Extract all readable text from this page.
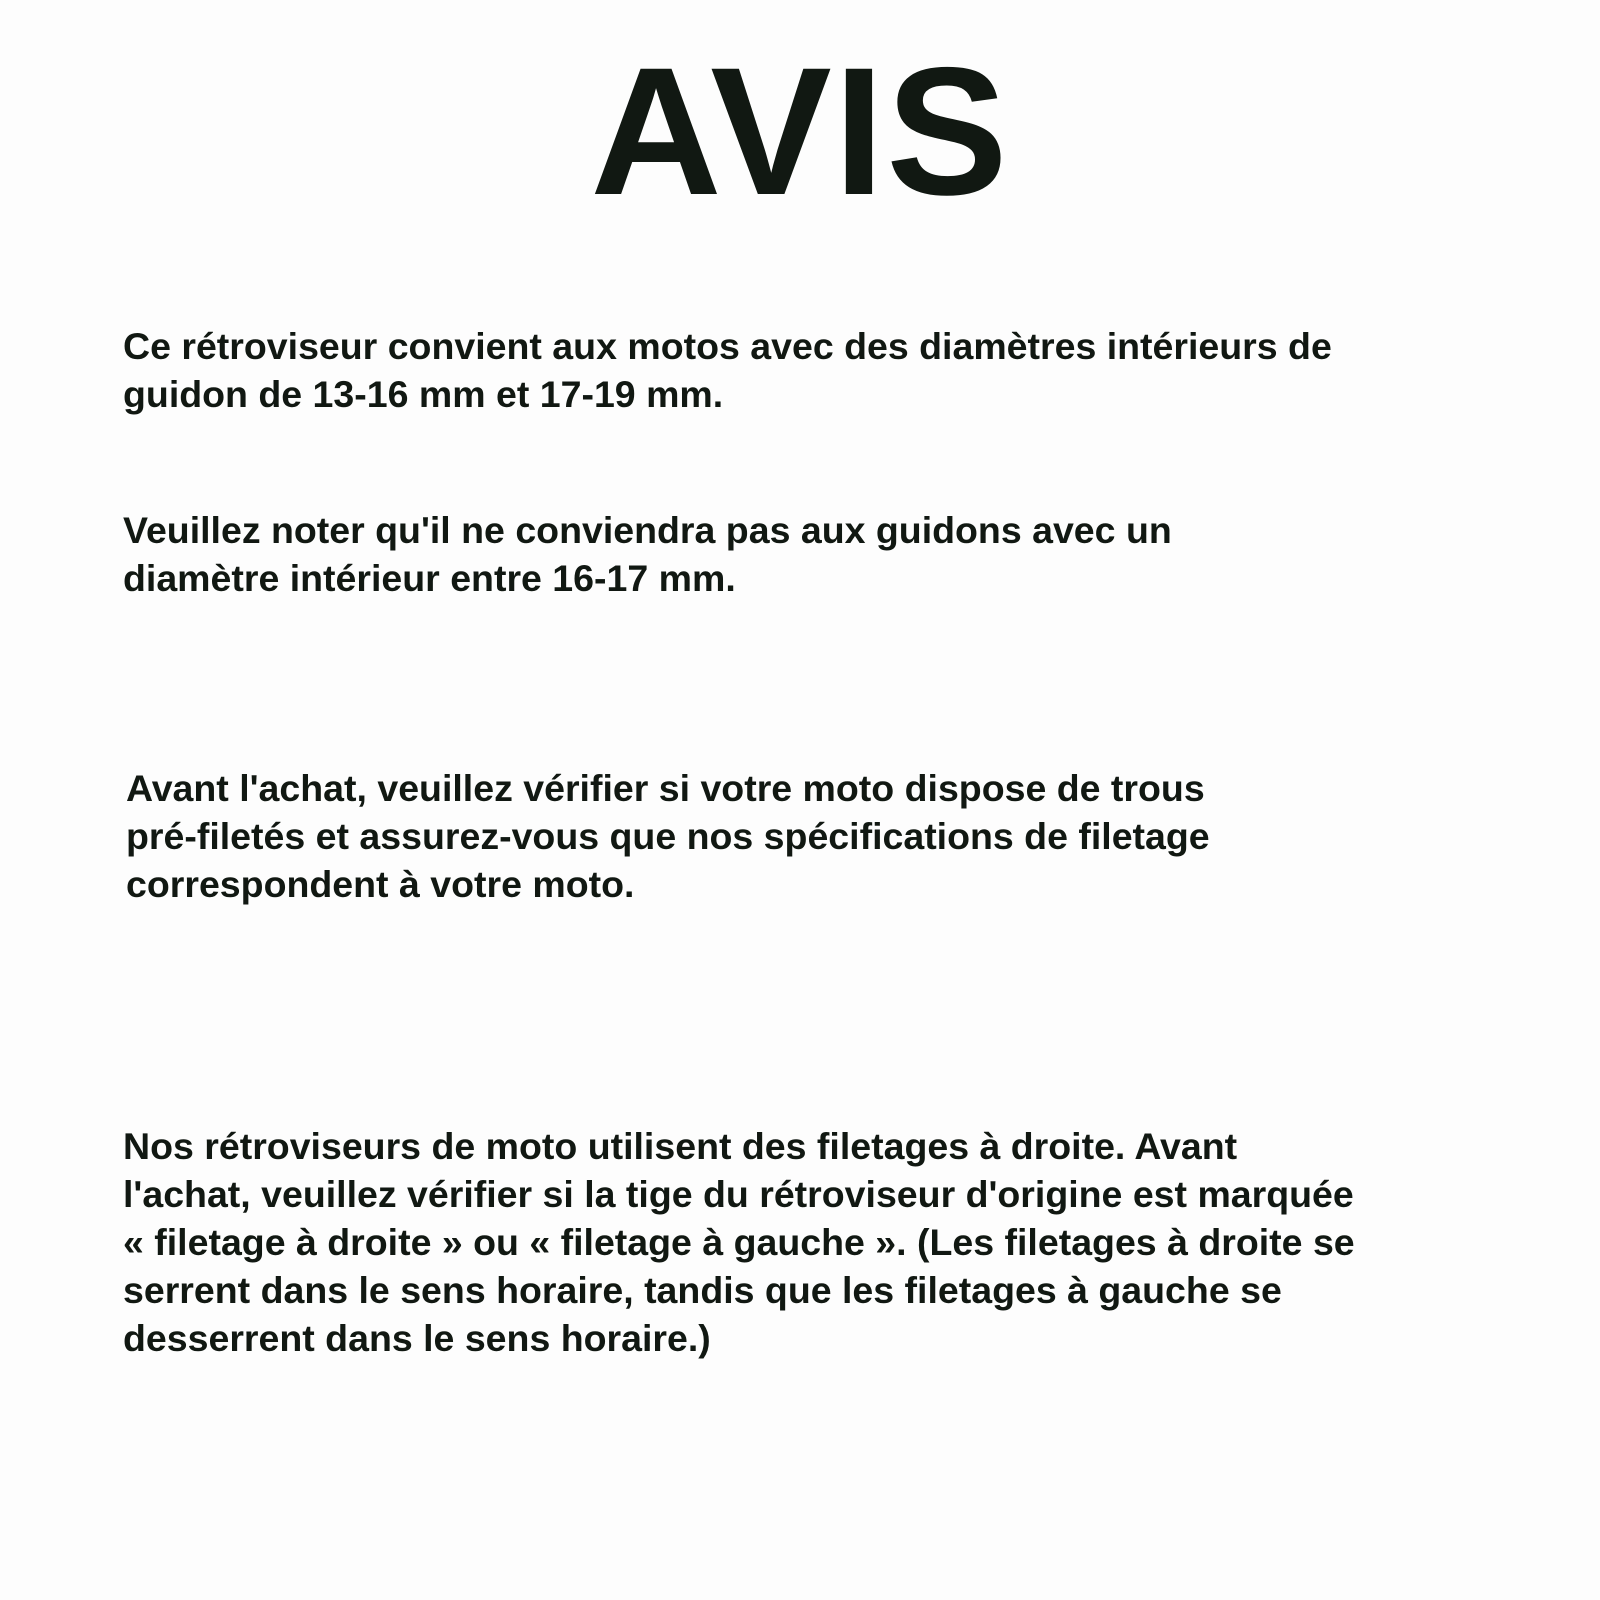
AVIS

Ce rétroviseur convient aux motos avec des diamètres intérieurs de
guidon de 13-16 mm et 17-19 mm.

Veuillez noter qu'il ne conviendra pas aux guidons avec un
diamètre intérieur entre 16-17 mm.

Avant l'achat, veuillez vérifier si votre moto dispose de trous
pré-filetés et assurez-vous que nos spécifications de filetage
correspondent à votre moto.

Nos rétroviseurs de moto utilisent des filetages à droite. Avant
l'achat, veuillez vérifier si la tige du rétroviseur d'origine est marquée
« filetage à droite » ou « filetage à gauche ». (Les filetages à droite se
serrent dans le sens horaire, tandis que les filetages à gauche se
desserrent dans le sens horaire.)
